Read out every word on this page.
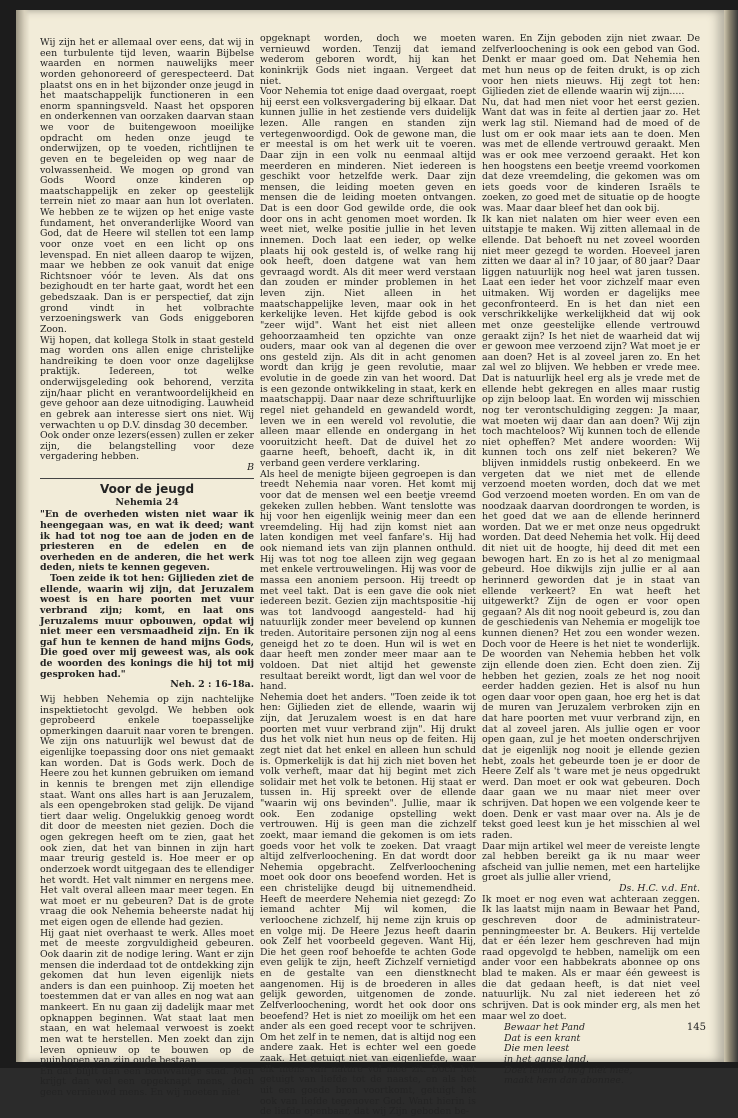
Wij zijn het er allemaal over eens, dat wij in een turbulente tijd leven, waarin Bijbelse waarden en normen nauwelijks meer worden gehonoreerd of gerespecteerd. Dat plaatst ons en in het bijzonder onze jeugd in het maatschappelijk functioneren in een enorm spanningsveld. Naast het opsporen en onderkennen van oorzaken daarvan staan we voor de buitengewoon moeilijke opdracht om heden onze jeugd te onderwijzen, op te voeden, richtlijnen te geven en te begeleiden op weg naar de volwassenheid. We mogen op grond van Gods Woord onze kinderen op maatschappelijk en zeker op geestelijk terrein niet zo maar aan hun lot overlaten. We hebben ze te wijzen op het enige vaste fundament, het onveranderlijke Woord van God, dat de Heere wil stellen tot een lamp voor onze voet en een licht op ons levenspad. En niet alleen daarop te wijzen, maar we hebben ze ook vanuit dat enige Richtsnoer vóór te leven. Als dat ons bezighoudt en ter harte gaat, wordt het een gebedszaak. Dan is er perspectief, dat zijn grond vindt in het volbrachte verzoeningswerk van Gods eniggeboren Zoon.

Wij hopen, dat kollega Stolk in staat gesteld mag worden ons allen enige christelijke handreiking te doen voor onze dagelijkse praktijk. Iedereen, tot welke onderwijsgeleding ook behorend, verzita zijn/haar plicht en verantwoordelijkheid en geve gehoor aan deze uitnodiging. Lauwheid en gebrek aan interesse siert ons niet. Wij verwachten u op D.V. dinsdag 30 december.

Ook onder onze lezers(essen) zullen er zeker zijn, die belangstelling voor deze vergadering hebben.

B
Voor de jeugd
Nehemia 24

"En de overheden wisten niet waar ik heengegaan was, en wat ik deed; want ik had tot nog toe aan de joden en de priesteren en de edelen en de overheden en de anderen, die het werk deden, niets te kennen gegeven.

Toen zeide ik tot hen: Gijlieden ziet de ellende, waarin wij zijn, dat Jeruzalem woest is en hare poorten met vuur verbrand zijn; komt, en laat ons Jeruzalems muur opbouwen, opdat wij niet meer een versmaadheid zijn. En ik gaf hun te kennen de hand mijns Gods, Die goed over mij geweest was, als ook de woorden des konings die hij tot mij gesproken had."

Neh. 2 : 16-18a.

Wij hebben Nehemia op zijn nachtelijke inspektietocht gevolgd. We hebben ook geprobeerd enkele toepasselijke opmerkingen daaruit naar voren te brengen. We zijn ons natuurlijk wel bewust dat de eigenlijke toepassing door ons niet gemaakt kan worden. Dat is Gods werk. Doch de Heere zou het kunnen gebruiken om iemand in kennis te brengen met zijn ellendige staat. Want ons alles hart is aan Jeruzalem, als een opengebroken stad gelijk. De vijand tiert daar welig. Ongelukkig genoeg wordt dit door de meesten niet gezien. Doch die ogen gekregen heeft om te zien, gaat het ook zien, dat het van binnen in zijn hart maar treurig gesteld is. Hoe meer er op onderzoek wordt uitgegaan des te ellendiger het wordt. Het valt nimmer en nergens mee. Het valt overal alleen maar meer tegen. En wat moet er nu gebeuren? Dat is de grote vraag die ook Nehemia beheerste nadat hij met eigen ogen de ellende had gezien.

Hij gaat niet overhaast te werk. Alles moet met de meeste zorgvuldigheid gebeuren. Ook daarin zit de nodige lering. Want er zijn mensen die inderdaad tot de ontdekking zijn gekomen dat hun leven eigenlijk niets anders is dan een puinhoop. Zij moeten het toestemmen dat er van alles en nog wat aan mankeert. En nu gaan zij dadelijk maar met opknappen beginnen. Wat staat laat men staan, en wat helemaal verwoest is zoekt men wat te herstellen. Men zoekt dan zijn leven opnieuw op te bouwen op de puinhopen van zijn oude bestaan.

En dat blijft dan een bouwvallige stad. Men krijgt dan wel een opgeknapt mens, doch geen vernieuwd mens. En wij moeten niet

opgeknapt worden, doch we moeten vernieuwd worden. Tenzij dat iemand wederom geboren wordt, hij kan het koninkrijk Gods niet ingaan. Vergeet dat niet.

Voor Nehemia tot enige daad overgaat, roept hij eerst een volksvergadering bij elkaar. Dat kunnen jullie in het zestiende vers duidelijk lezen. Alle rangen en standen zijn vertegenwoordigd. Ook de gewone man, die er meestal is om het werk uit te voeren. Daar zijn in een volk nu eenmaal altijd meerderen en minderen. Niet iedereen is geschikt voor hetzelfde werk. Daar zijn mensen, die leiding moeten geven en mensen die de leiding moeten ontvangen. Dat is een door God gewilde orde, die ook door ons in acht genomen moet worden. Ik weet niet, welke positie jullie in het leven innemen. Doch laat een ieder, op welke plaats hij ook gesteld is, of welke rang hij ook heeft, doen datgene wat van hem gevraagd wordt. Als dit meer werd verstaan dan zouden er minder problemen in het leven zijn. Niet alleen in het maatschappelijke leven, maar ook in het kerkelijke leven. Het kijfde gebod is ook "zeer wijd". Want het eist niet alleen gehoorzaamheid ten opzichte van onze ouders, maar ook van al degenen die over ons gesteld zijn. Als dit in acht genomen wordt dan krijg je geen revolutie, maar evolutie in de goede zin van het woord. Dat is een gezonde ontwikkeling in staat, kerk en maatschappij. Daar naar deze schriftuurlijke regel niet gehandeld en gewandeld wordt, leven we in een wereld vol revolutie, die alleen maar ellende en ondergang in het vooruitzicht heeft. Dat de duivel het zo gaarne heeft, behoeft, dacht ik, in dit verband geen verdere verklaring.

Als heel de menigte bijeen gegroepen is dan treedt Nehemia naar voren. Het komt mij voor dat de mensen wel een beetje vreemd gekeken zullen hebben. Want tenslotte was hij voor hen eigenlijk weinig meer dan een vreemdeling. Hij had zijn komst niet aan laten kondigen met veel fanfare's. Hij had ook niemand iets van zijn plannen onthuld. Hij was tot nog toe alleen zijn weg gegaan met enkele vertrouwelingen. Hij was voor de massa een anoniem persoon. Hij treedt op met veel takt. Dat is een gave die ook niet iedereen bezit. Gezien zijn machtspositie -hij was tot landvoogd aangesteld- had hij natuurlijk zonder meer bevelend op kunnen treden. Autoritaire personen zijn nog al eens geneigd het zo te doen. Hun wil is wet en daar heeft men zonder meer maar aan te voldoen. Dat niet altijd het gewenste resultaat bereikt wordt, ligt dan wel voor de hand.

Nehemia doet het anders. "Toen zeide ik tot hen: Gijlieden ziet de ellende, waarin wij zijn, dat Jeruzalem woest is en dat hare poorten met vuur verbrand zijn". Hij drukt dus het volk niet hun neus op de feiten. Hij zegt niet dat het enkel en alleen hun schuld is. Opmerkelijk is dat hij zich niet boven het volk verheft, maar dat hij begint met zich solidair met het volk te betonen. Hij staat er tussen in. Hij spreekt over de ellende "waarin wij ons bevinden". Jullie, maar ik ook. Een zodanige opstelling wekt vertrouwen. Hij is geen man die zichzelf zoekt, maar iemand die gekomen is om iets goeds voor het volk te zoeken. Dat vraagt altijd zelfverloochening. En dat wordt door Nehemia opgebracht. Zelfverloochening moet ook door ons beoefend worden. Het is een christelijke deugd bij uitnemendheid. Heeft de meerdere Nehemia niet gezegd: Zo iemand achter Mij wil komen, die verloochene zichzelf, hij neme zijn kruis op en volge mij. De Heere Jezus heeft daarin ook Zelf het voorbeeld gegeven. Want Hij, Die het geen roof behoefde te achten Gode even gelijk te zijn, heeft Zichzelf vernietigd en de gestalte van een dienstknecht aangenomen. Hij is de broederen in alles gelijk geworden, uitgenomen de zonde. Zelfverloochening, wordt het ook door ons beoefend? Het is niet zo moeilijk om het een ander als een goed recept voor te schrijven. Om het zelf in te nemen, dat is altijd nog een andere zaak. Het is echter wel een goede zaak. Het getuigt niet van eigenliefde, waar elk mens van nature vol mee zit. Doch het getuigt van liefde tot de naaste, en als het uit een goede bron voortkomt, getuigt het ook van liefde tegenover God. Want hierin is de liefde openbaar, dat wij Zijn geboden be-

waren. En Zijn geboden zijn niet zwaar. De zelfverloochening is ook een gebod van God. Denkt er maar goed om. Dat Nehemia hen met hun neus op de feiten drukt, is op zich voor hen niets nieuws. Hij zegt tot hen: Gijlieden ziet de ellende waarin wij zijn.....

Nu, dat had men niet voor het eerst gezien. Want dat was in feite al dertien jaar zo. Het werk lag stil. Niemand had de moed of de lust om er ook maar iets aan te doen. Men was met de ellende vertrouwd geraakt. Men was er ook mee verzoend geraakt. Het kon hen hoogstens een beetje vreemd voorkomen dat deze vreemdeling, die gekomen was om iets goeds voor de kinderen Israëls te zoeken, zo goed met de situatie op de hoogte was. Maar daar bleef het dan ook bij.

Ik kan niet nalaten om hier weer even een uitstapje te maken. Wij zitten allemaal in de ellende. Dat behoeft nu net zoveel woorden niet meer gezegd te worden. Hoeveel jaren zitten we daar al in? 10 jaar, of 80 jaar? Daar liggen natuurlijk nog heel wat jaren tussen. Laat een ieder het voor zichzelf maar even uitmaken. Wij worden er dagelijks mee geconfronteerd. En is het dan niet een verschrikkelijke werkelijkheid dat wij ook met onze geestelijke ellende vertrouwd geraakt zijn? Is het niet de waarheid dat wij er gewoon mee verzoend zijn? Wat moet je er aan doen? Het is al zoveel jaren zo. En het zal wel zo blijven. We hebben er vrede mee. Dat is natuurlijk heel erg als je vrede met de ellende hebt gekregen en alles maar rustig op zijn beloop laat. En worden wij misschien nog ter verontschuldiging zeggen: Ja maar, wat moeten wij daar dan aan doen? Wij zijn toch machteloos? Wij kunnen toch de ellende niet opheffen? Met andere woorden: Wij kunnen toch ons zelf niet bekeren? We blijven inmiddels rustig onbekeerd. En we vergeten dat we niet met de ellende verzoend moeten worden, doch dat we met God verzoend moeten worden. En om van de noodzaak daarvan doordrongen te worden, is het goed dat we aan de ellende herinnerd worden. Dat we er met onze neus opgedrukt worden. Dat deed Nehemia het volk. Hij deed dit niet uit de hoogte, hij deed dit met een bewogen hart. En zo is het al zo menigmaal gebeurd. Hoe dikwijls zijn jullie er al aan herinnerd geworden dat je in staat van ellende verkeert? En wat heeft het uitgewerkt? Zijn de ogen er voor open gegaan? Als dit nog nooit gebeurd is, zou dan de geschiedenis van Nehemia er mogelijk toe kunnen dienen? Het zou een wonder wezen. Doch voor de Heere is het niet te wonderlijk. De woorden van Nehemia hebben het volk zijn ellende doen zien. Echt doen zien. Zij hebben het gezien, zoals ze het nog nooit eerder hadden gezien. Het is alsof nu hun ogen daar voor open gaan, hoe erg het is dat de muren van Jeruzalem verbroken zijn en dat hare poorten met vuur verbrand zijn, en dat al zoveel jaren. Als jullie ogen er voor open gaan, zul je het moeten onderschrijven dat je eigenlijk nog nooit je ellende gezien hebt, zoals het gebeurde toen je er door de Heere Zelf als 't ware met je neus opgedrukt werd. Dan moet er ook wat gebeuren. Doch daar gaan we nu maar niet meer over schrijven. Dat hopen we een volgende keer te doen. Denk er vast maar over na. Als je de tekst goed leest kun je het misschien al wel raden.

Daar mijn artikel wel meer de vereiste lengte zal hebben bereikt ga ik nu maar weer afscheid van jullie nemen, met een hartelijke groet als jullie aller vriend,

Ds. H.C. v.d. Ent.

Ik moet er nog even wat achteraan zeggen. Ik las laatst mijn naam in Bewaar het Pand, geschreven door de administrateur-penningmeester br. A. Beukers. Hij vertelde dat er één lezer hem geschreven had mijn raad opgevolgd te hebben, namelijk om een ander voor een habbekrats abonnee op ons blad te maken. Als er maar één geweest is die dat gedaan heeft, is dat niet veel natuurlijk. Nu zal niet iedereen het zó schrijven. Dat is ook minder erg, als men het maar wel zo doet.

Bewaar het Pand
Dat is een krant
Die men leest
in het ganse land.
Doet iemand nog niet mee,
maakt hem dan abonnee.
145
